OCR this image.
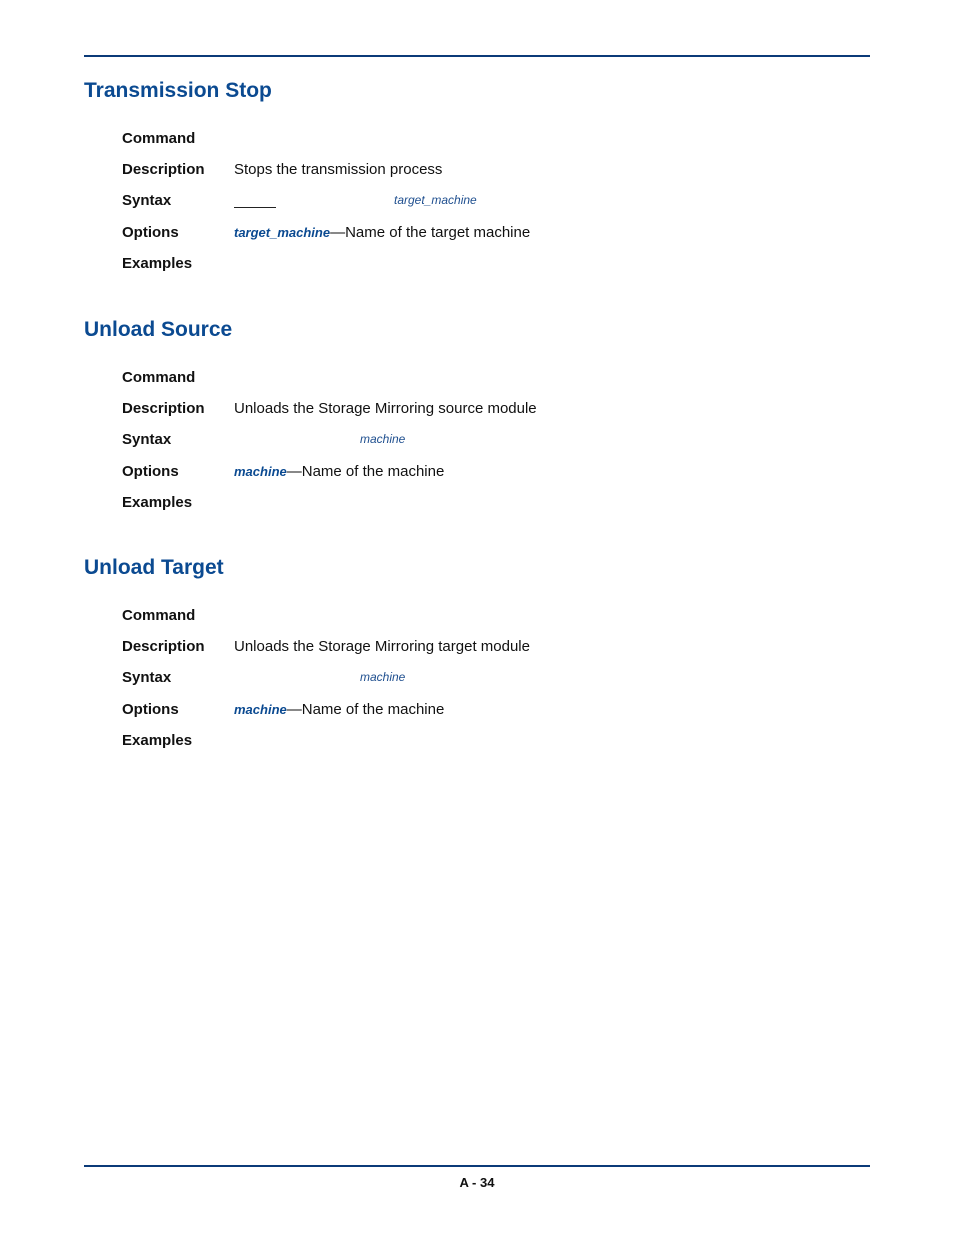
Transmission Stop
Command
Description Stops the transmission process
Syntax	target_machine
Options	target_machine—Name of the target machine
Examples
Unload Source
Command
Description Unloads the Storage Mirroring source module
Syntax	machine
Options	machine—Name of the machine
Examples
Unload Target
Command
Description Unloads the Storage Mirroring target module
Syntax	machine
Options	machine—Name of the machine
Examples
A - 34
